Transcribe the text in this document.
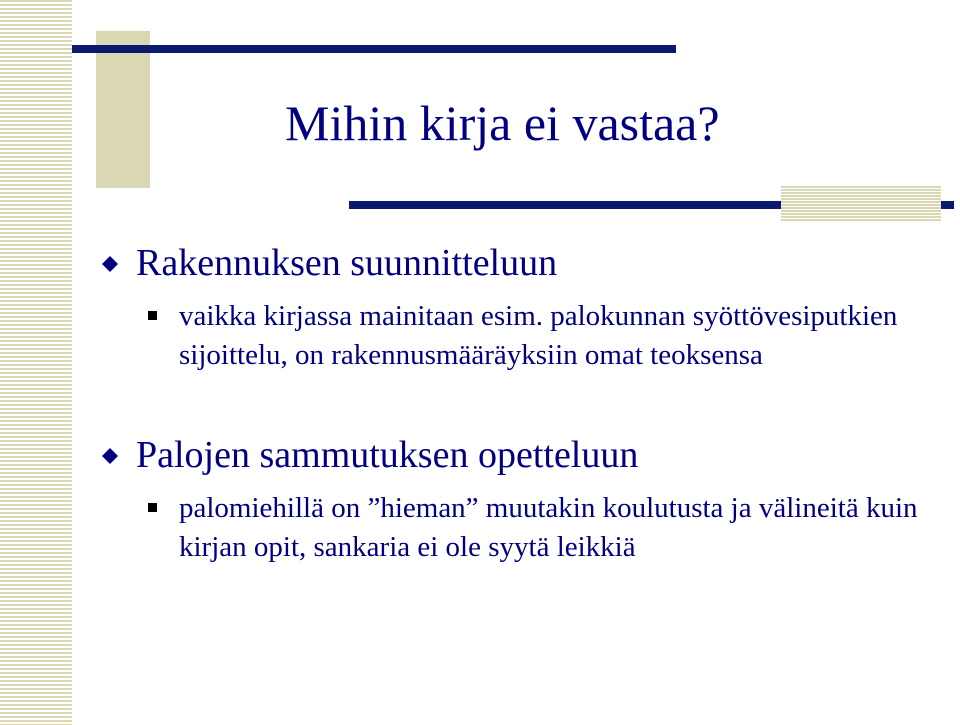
Mihin kirja ei vastaa?
Rakennuksen suunnitteluun
vaikka kirjassa mainitaan esim. palokunnan syöttövesiputkien sijoittelu, on rakennusmääräyksiin omat teoksensa
Palojen sammutuksen opetteluun
palomiehillä on ”hieman” muutakin koulutusta ja välineitä kuin kirjan opit, sankaria ei ole syytä leikkiä
